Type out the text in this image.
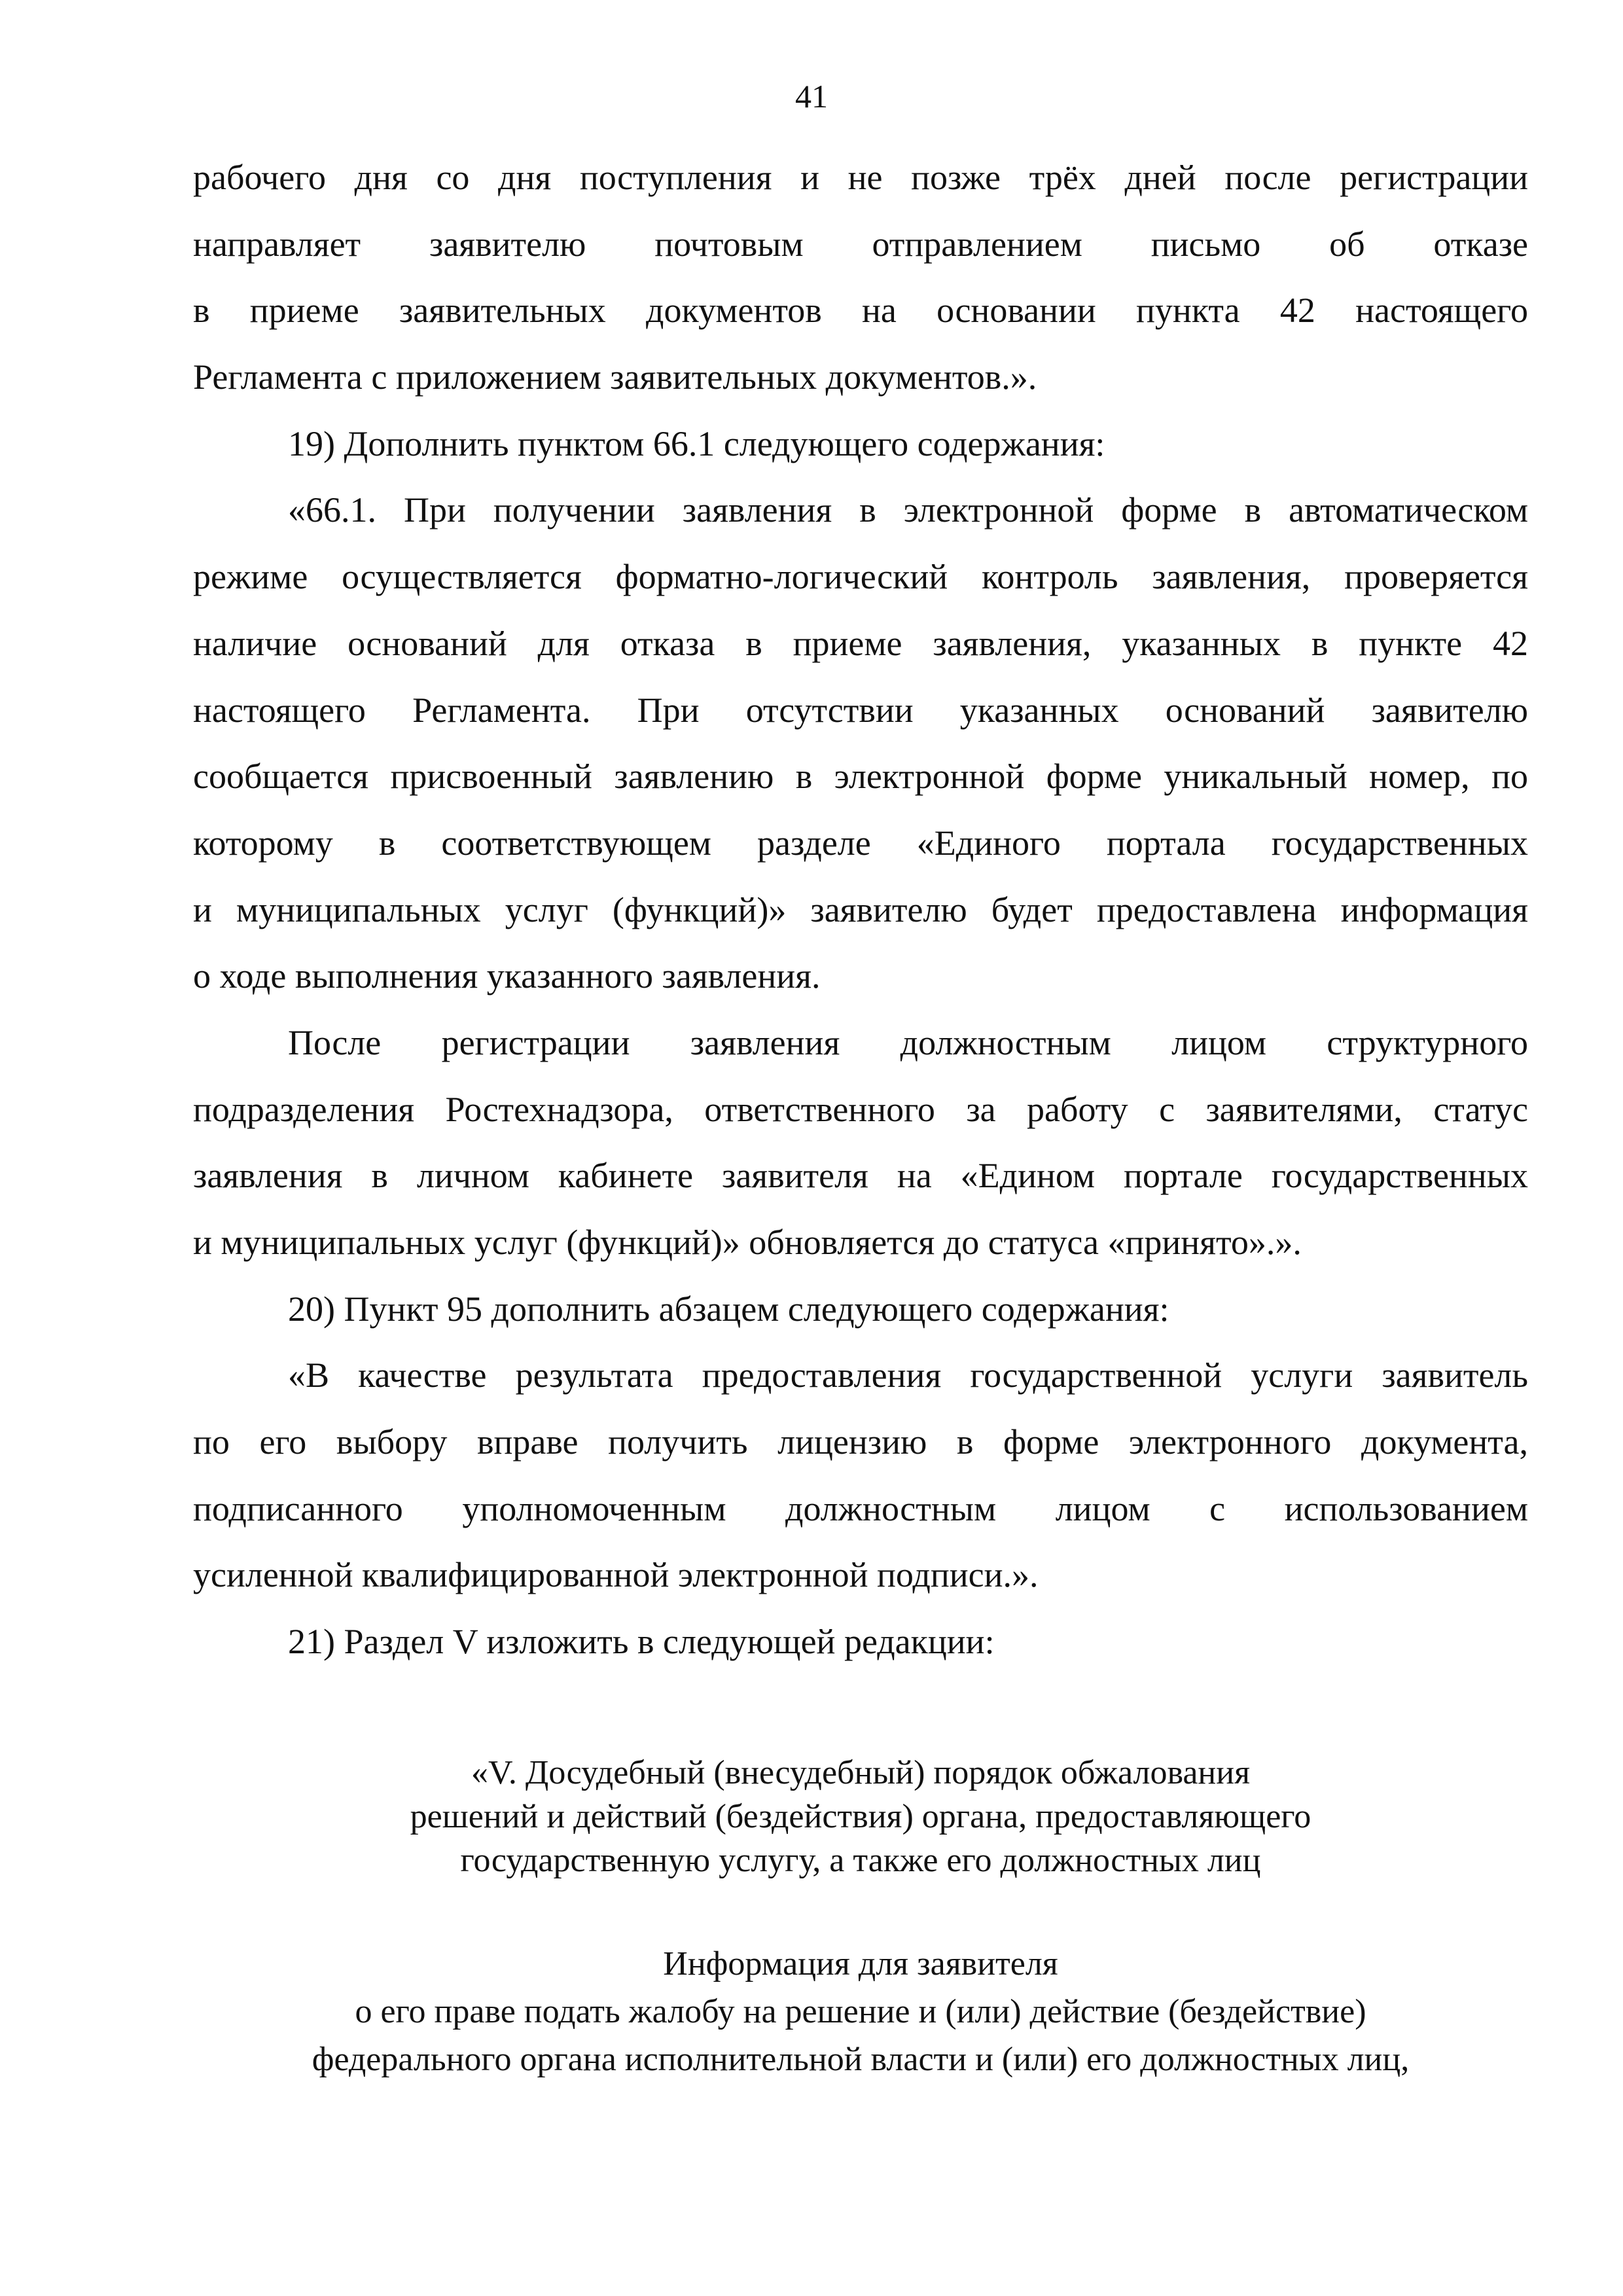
41
рабочего дня со дня поступления и не позже трёх дней после регистрации
направляет заявителю почтовым отправлением письмо об отказе
в приеме заявительных документов на основании пункта 42 настоящего
Регламента с приложением заявительных документов.».
19) Дополнить пунктом 66.1 следующего содержания:
«66.1. При получении заявления в электронной форме в автоматическом
режиме осуществляется форматно-логический контроль заявления, проверяется
наличие оснований для отказа в приеме заявления, указанных в пункте 42
настоящего Регламента. При отсутствии указанных оснований заявителю
сообщается присвоенный заявлению в электронной форме уникальный номер, по
которому в соответствующем разделе «Единого портала государственных
и муниципальных услуг (функций)» заявителю будет предоставлена информация
о ходе выполнения указанного заявления.
После регистрации заявления должностным лицом структурного
подразделения Ростехнадзора, ответственного за работу с заявителями, статус
заявления в личном кабинете заявителя на «Едином портале государственных
и муниципальных услуг (функций)» обновляется до статуса «принято».».
20) Пункт 95 дополнить абзацем следующего содержания:
«В качестве результата предоставления государственной услуги заявитель
по его выбору вправе получить лицензию в форме электронного документа,
подписанного уполномоченным должностным лицом с использованием
усиленной квалифицированной электронной подписи.».
21) Раздел V изложить в следующей редакции:
«V. Досудебный (внесудебный) порядок обжалования
решений и действий (бездействия) органа, предоставляющего
государственную услугу, а также его должностных лиц
Информация для заявителя
о его праве подать жалобу на решение и (или) действие (бездействие)
федерального органа исполнительной власти и (или) его должностных лиц,
